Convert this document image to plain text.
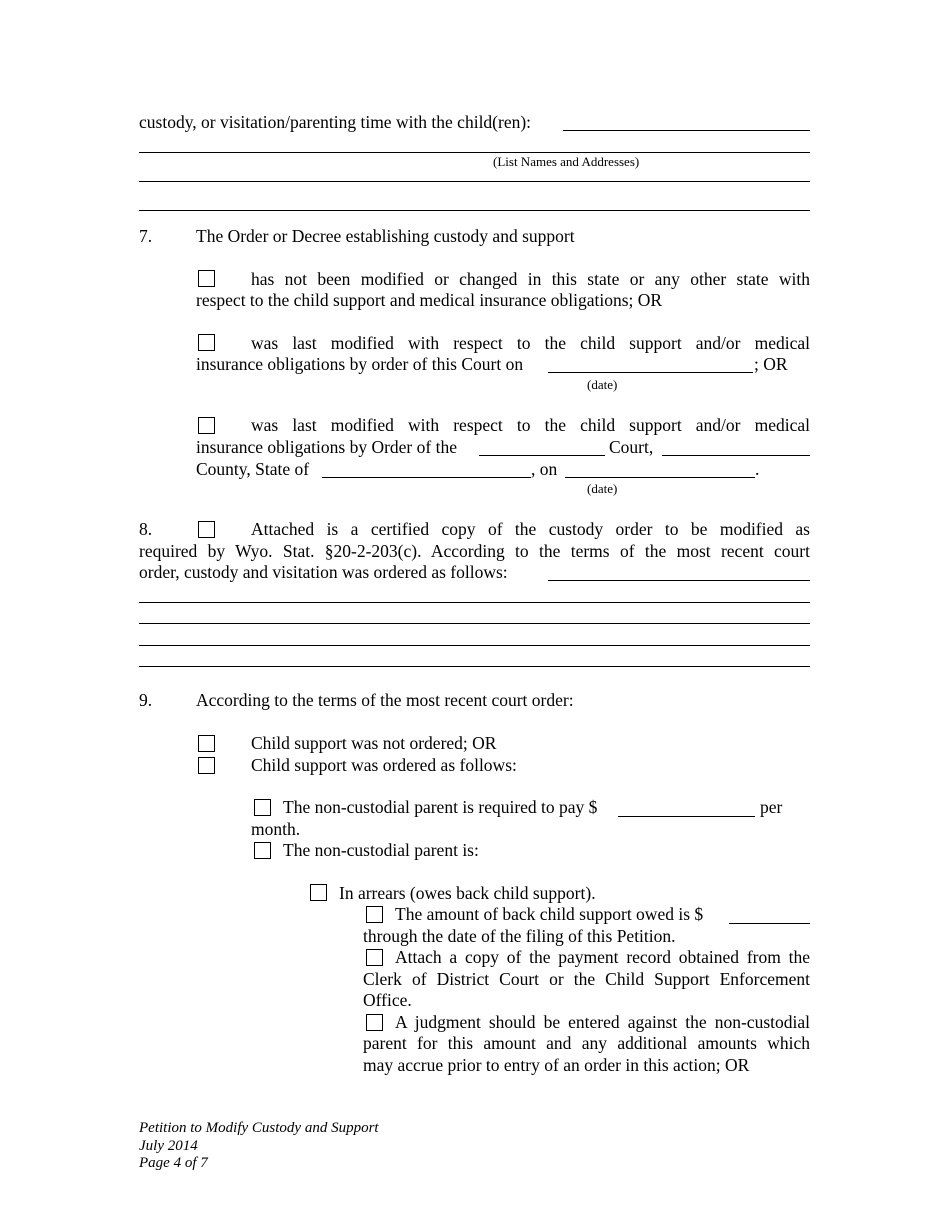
custody, or visitation/parenting time with the child(ren):
(List Names and Addresses)
7.	The Order or Decree establishing custody and support
has not been modified or changed in this state or any other state with
respect to the child support and medical insurance obligations; OR
was last modified with respect to the child support and/or medical
insurance obligations by order of this Court on	; OR
(date)
was last modified with respect to the child support and/or medical
insurance obligations by Order of the	Court,
County, State of	, on	.
(date)
8.	Attached is a certified copy of the custody order to be modified as
required by Wyo. Stat. §20-2-203(c). According to the terms of the most recent court
order, custody and visitation was ordered as follows:
9.	According to the terms of the most recent court order:
Child support was not ordered; OR
Child support was ordered as follows:
The non-custodial parent is required to pay $	per
month.
The non-custodial parent is:
In arrears (owes back child support).
The amount of back child support owed is $
through the date of the filing of this Petition.
Attach a copy of the payment record obtained from the
Clerk of District Court or the Child Support Enforcement
Office.
A judgment should be entered against the non-custodial
parent for this amount and any additional amounts which
may accrue prior to entry of an order in this action; OR
Petition to Modify Custody and Support
July 2014
Page 4 of 7
